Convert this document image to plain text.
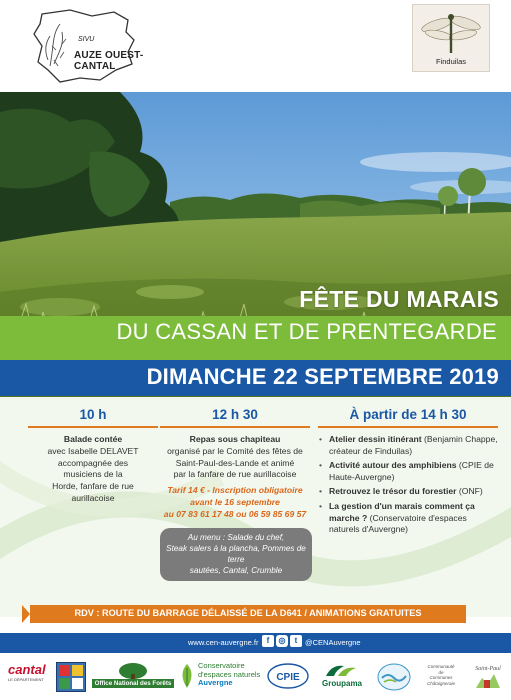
SIVU
AUZE OUEST-CANTAL	Finduilas
FÊTE DU MARAIS
DU CASSAN ET DE PRENTEGARDE
DIMANCHE 22 SEPTEMBRE 2019
10 h
Balade contée
avec Isabelle DELAVET
accompagnée des
musiciens de la
Horde, fanfare de rue
aurillacoise
12 h 30
Repas sous chapiteau
organisé par le Comité des fêtes de
Saint-Paul-des-Lande et animé
par la fanfare de rue aurillacoise
Tarif 14 € - Inscription obligatoire
avant le 16 septembre
au 07 83 61 17 48 ou 06 59 85 69 57
Au menu : Salade du chef,
Steak salers à la plancha, Pommes de terre
sautées, Cantal, Crumble
À partir de 14 h 30
• Atelier dessin itinérant (Benjamin Chappe, créateur de Finduilas)
• Activité autour des amphibiens (CPIE de Haute-Auvergne)
• Retrouvez le trésor du forestier (ONF)
• La gestion d'un marais comment ça marche ? (Conservatoire d'espaces naturels d'Auvergne)
RDV : ROUTE DU BARRAGE DÉLAISSÉ DE LA D641 / ANIMATIONS GRATUITES
www.cen-auvergne.fr	f	◎	t	@CENAuvergne
cantal
LE DÉPARTEMENT
Office National des Forêts
Conservatoire
d'espaces naturels
Auvergne	CPIE
Groupama
Communauté
de
Communes
Châtaigneraie
Saint-Paul
